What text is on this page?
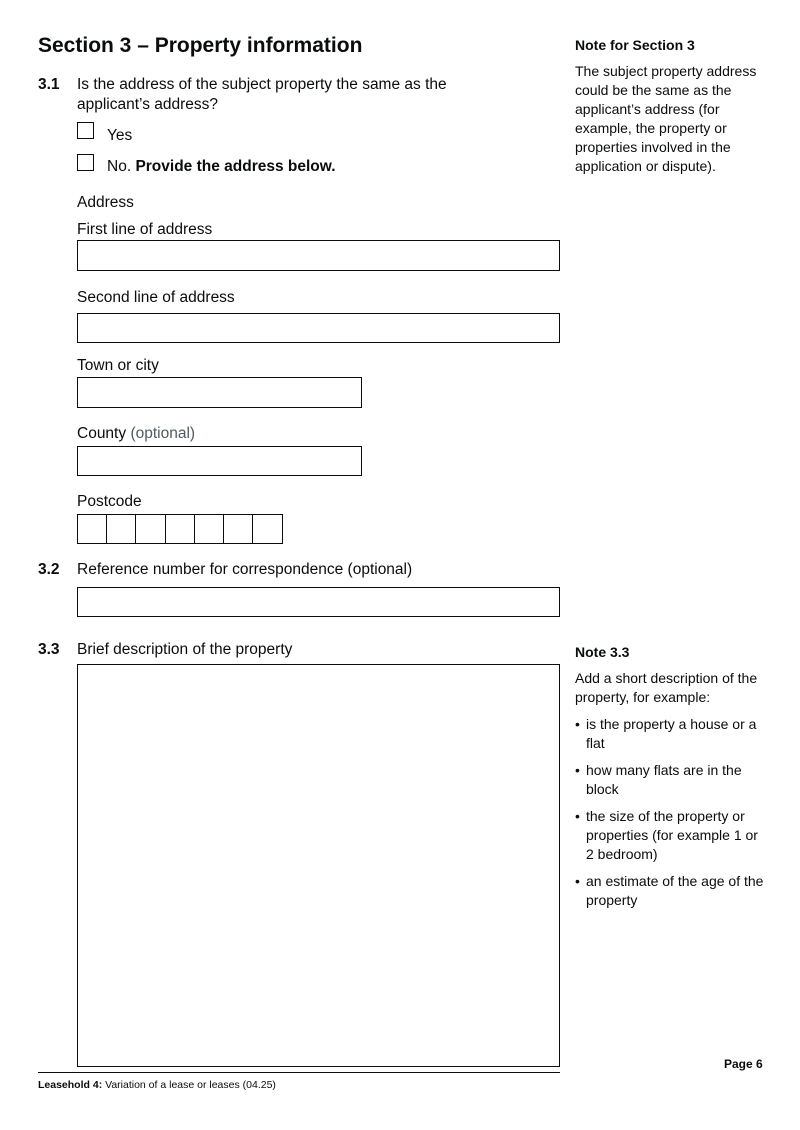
Section 3 – Property information
3.1 Is the address of the subject property the same as the applicant’s address?
Yes
No. Provide the address below.
Address
First line of address
Second line of address
Town or city
County (optional)
Postcode
3.2 Reference number for correspondence (optional)
3.3 Brief description of the property
Note for Section 3
The subject property address could be the same as the applicant’s address (for example, the property or properties involved in the application or dispute).
Note 3.3
Add a short description of the property, for example:
• is the property a house or a flat
• how many flats are in the block
• the size of the property or properties (for example 1 or 2 bedroom)
• an estimate of the age of the property
Page 6
Leasehold 4: Variation of a lease or leases (04.25)
